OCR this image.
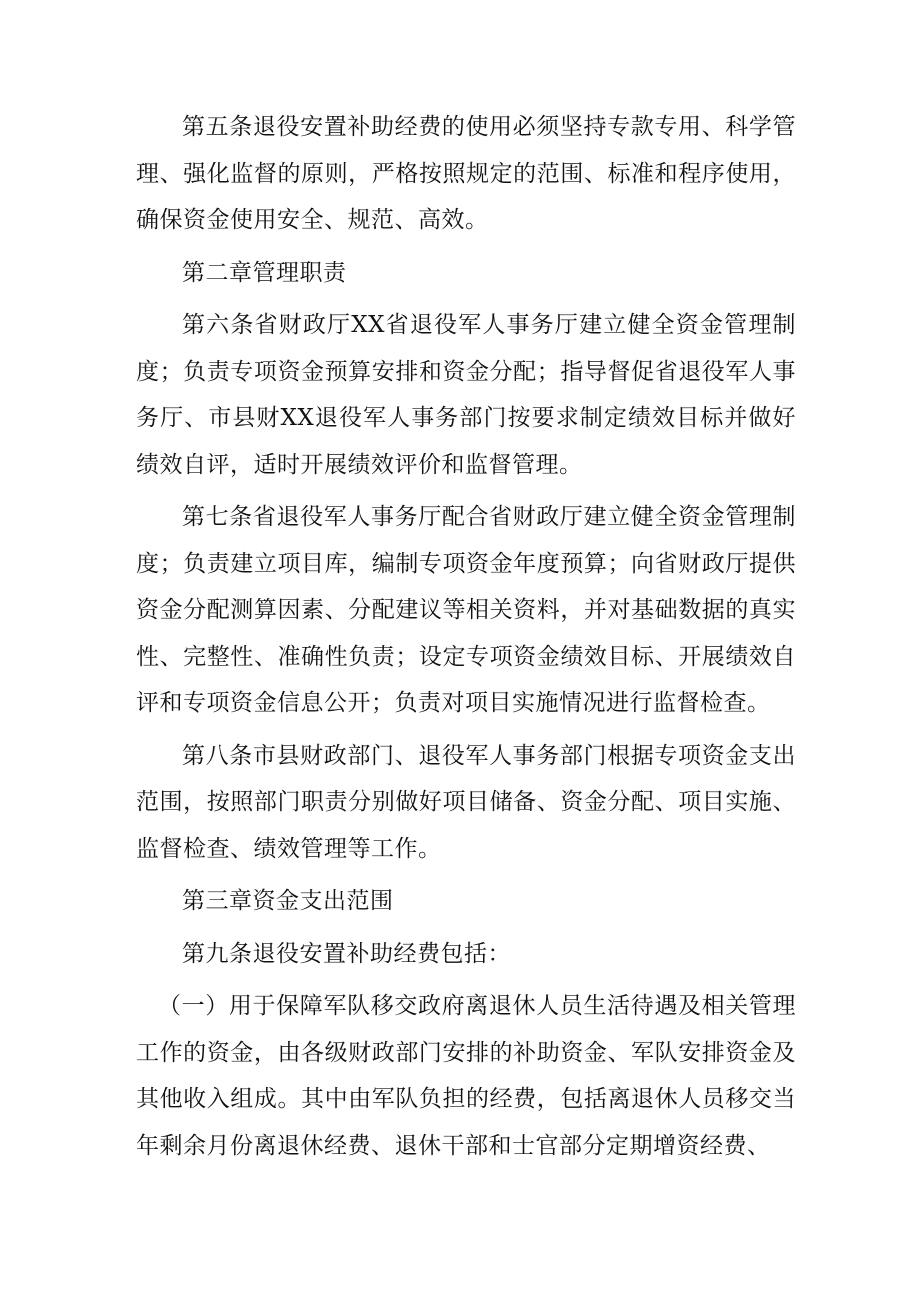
第五条退役安置补助经费的使用必须坚持专款专用、科学管理、强化监督的原则，严格按照规定的范围、标准和程序使用，确保资金使用安全、规范、高效。

第二章管理职责

第六条省财政厅XX省退役军人事务厅建立健全资金管理制度；负责专项资金预算安排和资金分配；指导督促省退役军人事务厅、市县财XX退役军人事务部门按要求制定绩效目标并做好绩效自评，适时开展绩效评价和监督管理。

第七条省退役军人事务厅配合省财政厅建立健全资金管理制度；负责建立项目库，编制专项资金年度预算；向省财政厅提供资金分配测算因素、分配建议等相关资料，并对基础数据的真实性、完整性、准确性负责；设定专项资金绩效目标、开展绩效自评和专项资金信息公开；负责对项目实施情况进行监督检查。

第八条市县财政部门、退役军人事务部门根据专项资金支出范围，按照部门职责分别做好项目储备、资金分配、项目实施、监督检查、绩效管理等工作。

第三章资金支出范围

第九条退役安置补助经费包括：

（一）用于保障军队移交政府离退休人员生活待遇及相关管理工作的资金，由各级财政部门安排的补助资金、军队安排资金及其他收入组成。其中由军队负担的经费，包括离退休人员移交当年剩余月份离退休经费、退休干部和士官部分定期增资经费、
